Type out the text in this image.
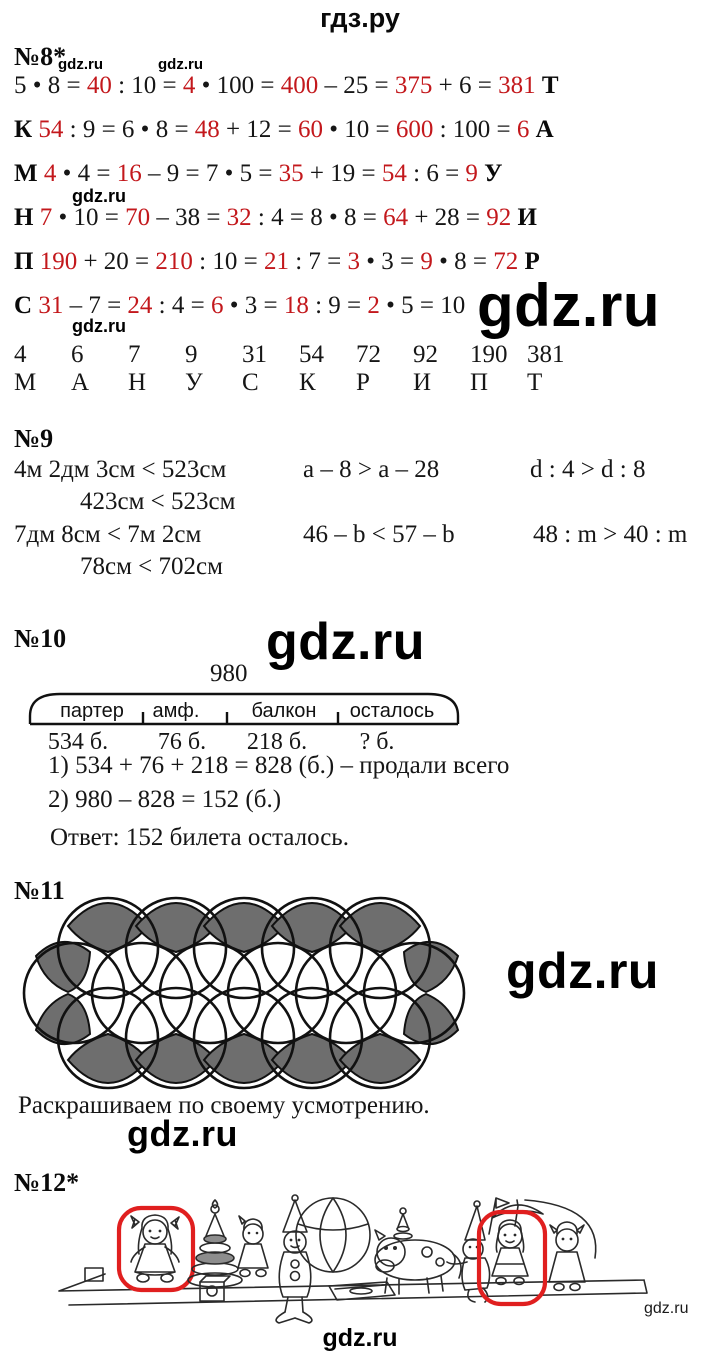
гдз.ру
gdz.ru	gdz.ru
№8*
5 • 8 = 40 : 10 = 4 • 100 = 400 – 25 = 375 + 6 = 381 Т
К 54 : 9 = 6 • 8 = 48 + 12 = 60 • 10 = 600 : 100 = 6 А
М 4 • 4 = 16 – 9 = 7 • 5 = 35 + 19 = 54 : 6 = 9 У
gdz.ru
Н 7 • 10 = 70 – 38 = 32 : 4 = 8 • 8 = 64 + 28 = 92 И
П 190 + 20 = 210 : 10 = 21 : 7 = 3 • 3 = 9 • 8 = 72 Р
С 31 – 7 = 24 : 4 = 6 • 3 = 18 : 9 = 2 • 5 = 10 gdz.ru
gdz.ru
4	6	7	9	31	54	72	92	190 381
М	А	Н	У	С	К	Р	И	П	Т
№9
4м 2дм 3см < 523см	a – 8 > a – 28	d : 4 > d : 8
423см < 523см
7дм 8см < 7м 2см	46 – b < 57 – b	48 : m > 40 : m
78см < 702см
№10	gdz.ru
980
партер амф.	балкон осталось
534 б. 76 б. 218 б. ? б.
1) 534 + 76 + 218 = 828 (б.) – продали всего
2) 980 – 828 = 152 (б.)
Ответ: 152 билета осталось.
№11
gdz.ru
Раскрашиваем по своему усмотрению.
gdz.ru
№12*
gdz.ru
gdz.ru
